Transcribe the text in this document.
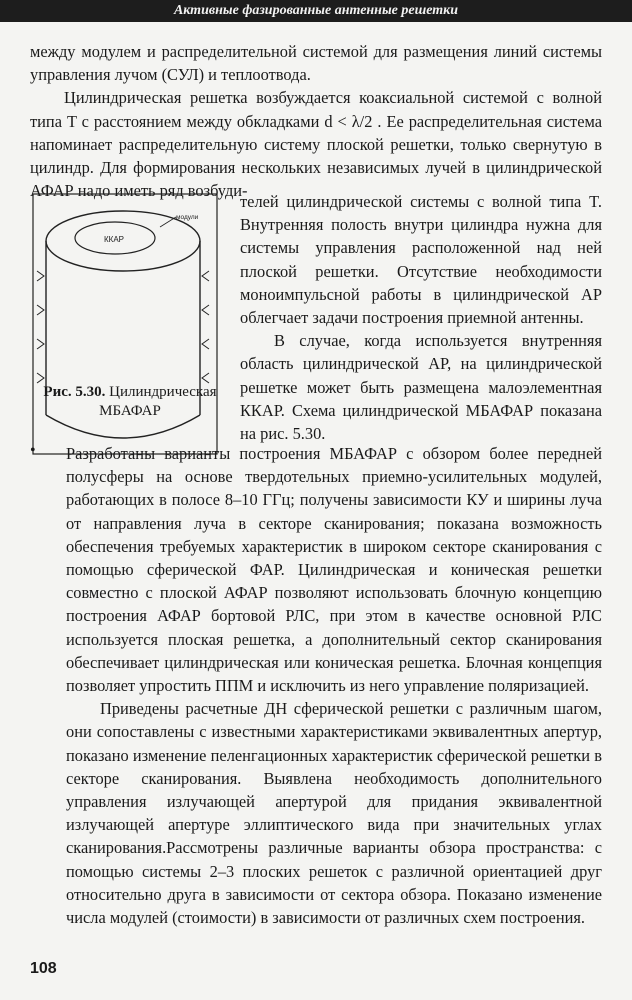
Активные фазированные антенные решетки

между модулем и распределительной системой для размещения линий системы управления лучом (СУЛ) и теплоотвода.

Цилиндрическая решетка возбуждается коаксиальной системой с волной типа T с расстоянием между обкладками d < λ/2 . Ее распределительная система напоминает распределительную систему плоской решетки, только свернутую в цилиндр. Для формирования нескольких независимых лучей в цилиндрической АФАР надо иметь ряд возбуди-

ККАР
модули
Рис. 5.30. Цилиндрическая МБАФАР

телей цилиндрической системы с волной типа T. Внутренняя полость внутри цилиндра нужна для системы управления расположенной над ней плоской решетки. Отсутствие необходимости моноимпульсной работы в цилиндрической АР облегчает задачи построения приемной антенны.

В случае, когда используется внутренняя область цилиндрической АР, на цилиндрической решетке может быть размещена малоэлементная ККАР. Схема цилиндрической МБАФАР показана на рис. 5.30.

• Разработаны варианты построения МБАФАР с обзором более передней полусферы на основе твердотельных приемно-усилительных модулей, работающих в полосе 8–10 ГГц; получены зависимости КУ и ширины луча от направления луча в секторе сканирования; показана возможность обеспечения требуемых характеристик в широком секторе сканирования с помощью сферической ФАР. Цилиндрическая и коническая решетки совместно с плоской АФАР позволяют использовать блочную концепцию построения АФАР бортовой РЛС, при этом в качестве основной РЛС используется плоская решетка, а дополнительный сектор сканирования обеспечивает цилиндрическая или коническая решетка. Блочная концепция позволяет упростить ППМ и исключить из него управление поляризацией.

Приведены расчетные ДН сферической решетки с различным шагом, они сопоставлены с известными характеристиками эквивалентных апертур, показано изменение пеленгационных характеристик сферической решетки в секторе сканирования. Выявлена необходимость дополнительного управления излучающей апертурой для придания эквивалентной излучающей апертуре эллиптического вида при значительных углах сканирования.Рассмотрены различные варианты обзора пространства: с помощью системы 2–3 плоских решеток с различной ориентацией друг относительно друга в зависимости от сектора обзора. Показано изменение числа модулей (стоимости) в зависимости от различных схем построения.

108
